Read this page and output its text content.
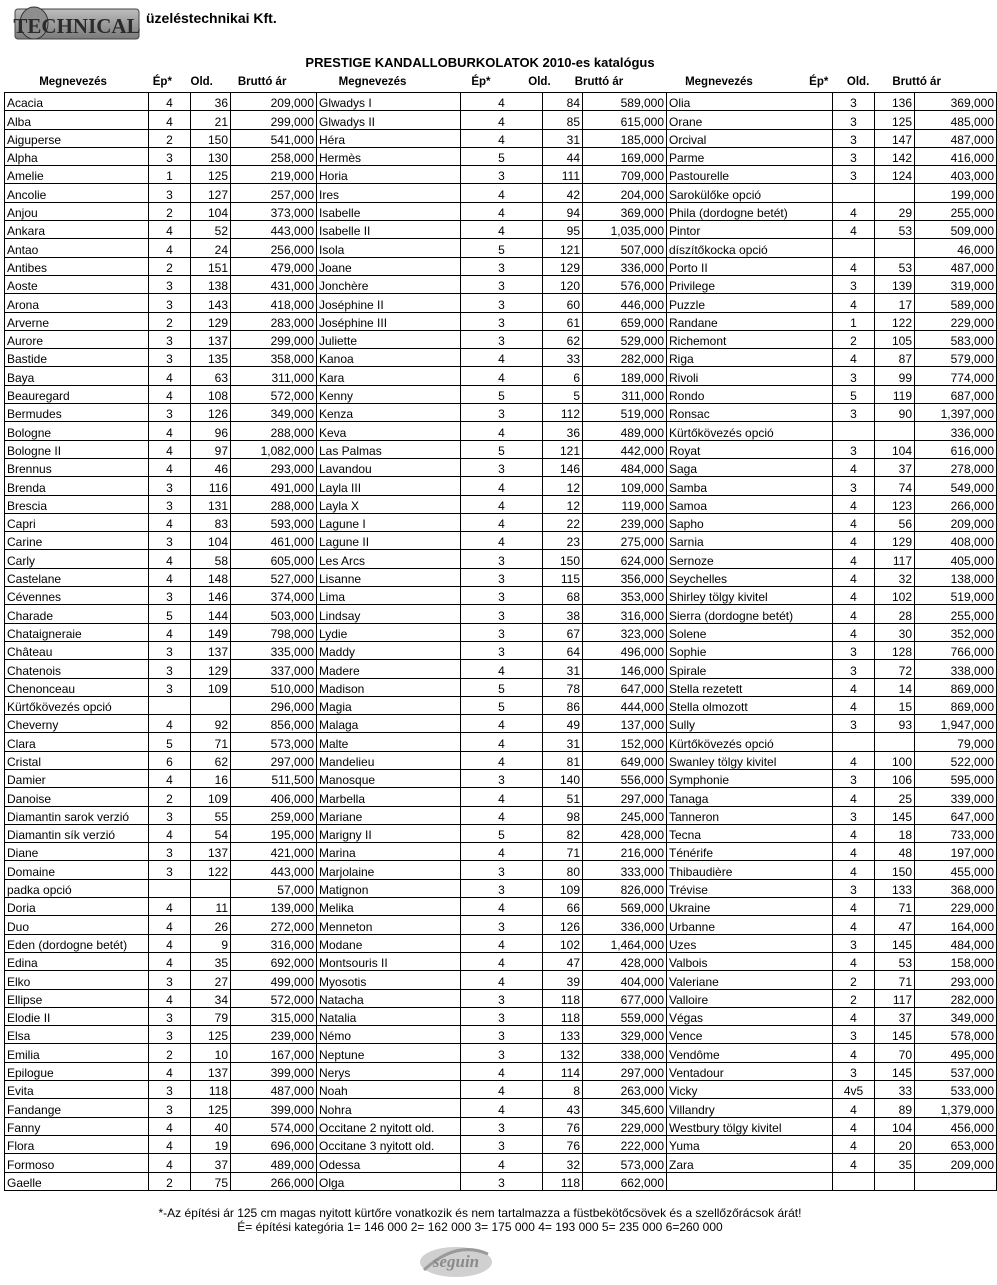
TECHNICAL üzeléstechnikai Kft.
PRESTIGE KANDALLOBURKOLATOK 2010-es katalógus
Megnevezés	Ép*	Old.	Bruttó ár	Megnevezés	Ép*	Old.	Bruttó ár	Megnevezés	Ép*	Old.	Bruttó ár
Acacia	4	36	209,000	Glwadys I	4	84	589,000	Olia	3	136	369,000
Alba	4	21	299,000	Glwadys II	4	85	615,000	Orane	3	125	485,000
Aiguperse	2	150	541,000	Héra	4	31	185,000	Orcival	3	147	487,000
Alpha	3	130	258,000	Hermès	5	44	169,000	Parme	3	142	416,000
Amelie	1	125	219,000	Horia	3	111	709,000	Pastourelle	3	124	403,000
Ancolie	3	127	257,000	Ires	4	42	204,000	Sarokülőke opció			199,000
Anjou	2	104	373,000	Isabelle	4	94	369,000	Phila (dordogne betét)	4	29	255,000
Ankara	4	52	443,000	Isabelle II	4	95	1,035,000	Pintor	4	53	509,000
Antao	4	24	256,000	Isola	5	121	507,000	díszítőkocka opció			46,000
Antibes	2	151	479,000	Joane	3	129	336,000	Porto II	4	53	487,000
Aoste	3	138	431,000	Jonchère	3	120	576,000	Privilege	3	139	319,000
Arona	3	143	418,000	Joséphine II	3	60	446,000	Puzzle	4	17	589,000
Arverne	2	129	283,000	Joséphine III	3	61	659,000	Randane	1	122	229,000
Aurore	3	137	299,000	Juliette	3	62	529,000	Richemont	2	105	583,000
Bastide	3	135	358,000	Kanoa	4	33	282,000	Riga	4	87	579,000
Baya	4	63	311,000	Kara	4	6	189,000	Rivoli	3	99	774,000
Beauregard	4	108	572,000	Kenny	5	5	311,000	Rondo	5	119	687,000
Bermudes	3	126	349,000	Kenza	3	112	519,000	Ronsac	3	90	1,397,000
Bologne	4	96	288,000	Keva	4	36	489,000	Kürtőkövezés opció			336,000
Bologne II	4	97	1,082,000	Las Palmas	5	121	442,000	Royat	3	104	616,000
Brennus	4	46	293,000	Lavandou	3	146	484,000	Saga	4	37	278,000
Brenda	3	116	491,000	Layla III	4	12	109,000	Samba	3	74	549,000
Brescia	3	131	288,000	Layla X	4	12	119,000	Samoa	4	123	266,000
Capri	4	83	593,000	Lagune I	4	22	239,000	Sapho	4	56	209,000
Carine	3	104	461,000	Lagune II	4	23	275,000	Sarnia	4	129	408,000
Carly	4	58	605,000	Les Arcs	3	150	624,000	Sernoze	4	117	405,000
Castelane	4	148	527,000	Lisanne	3	115	356,000	Seychelles	4	32	138,000
Cévennes	3	146	374,000	Lima	3	68	353,000	Shirley tölgy kivitel	4	102	519,000
Charade	5	144	503,000	Lindsay	3	38	316,000	Sierra (dordogne betét)	4	28	255,000
Chataigneraie	4	149	798,000	Lydie	3	67	323,000	Solene	4	30	352,000
Château	3	137	335,000	Maddy	3	64	496,000	Sophie	3	128	766,000
Chatenois	3	129	337,000	Madere	4	31	146,000	Spirale	3	72	338,000
Chenonceau	3	109	510,000	Madison	5	78	647,000	Stella rezetett	4	14	869,000
Kürtőkövezés opció			296,000	Magia	5	86	444,000	Stella olmozott	4	15	869,000
Cheverny	4	92	856,000	Malaga	4	49	137,000	Sully	3	93	1,947,000
Clara	5	71	573,000	Malte	4	31	152,000	Kürtőkövezés opció			79,000
Cristal	6	62	297,000	Mandelieu	4	81	649,000	Swanley tölgy kivitel	4	100	522,000
Damier	4	16	511,500	Manosque	3	140	556,000	Symphonie	3	106	595,000
Danoise	2	109	406,000	Marbella	4	51	297,000	Tanaga	4	25	339,000
Diamantin sarok verzió	3	55	259,000	Mariane	4	98	245,000	Tanneron	3	145	647,000
Diamantin sík verzió	4	54	195,000	Marigny II	5	82	428,000	Tecna	4	18	733,000
Diane	3	137	421,000	Marina	4	71	216,000	Ténérife	4	48	197,000
Domaine	3	122	443,000	Marjolaine	3	80	333,000	Thibaudière	4	150	455,000
padka opció			57,000	Matignon	3	109	826,000	Trévise	3	133	368,000
Doria	4	11	139,000	Melika	4	66	569,000	Ukraine	4	71	229,000
Duo	4	26	272,000	Menneton	3	126	336,000	Urbanne	4	47	164,000
Eden (dordogne betét)	4	9	316,000	Modane	4	102	1,464,000	Uzes	3	145	484,000
Edina	4	35	692,000	Montsouris II	4	47	428,000	Valbois	4	53	158,000
Elko	3	27	499,000	Myosotis	4	39	404,000	Valeriane	2	71	293,000
Ellipse	4	34	572,000	Natacha	3	118	677,000	Valloire	2	117	282,000
Elodie II	3	79	315,000	Natalia	3	118	559,000	Végas	4	37	349,000
Elsa	3	125	239,000	Némo	3	133	329,000	Vence	3	145	578,000
Emilia	2	10	167,000	Neptune	3	132	338,000	Vendôme	4	70	495,000
Epilogue	4	137	399,000	Nerys	4	114	297,000	Ventadour	3	145	537,000
Evita	3	118	487,000	Noah	4	8	263,000	Vicky	4v5	33	533,000
Fandange	3	125	399,000	Nohra	4	43	345,600	Villandry	4	89	1,379,000
Fanny	4	40	574,000	Occitane 2 nyitott old.	3	76	229,000	Westbury tölgy kivitel	4	104	456,000
Flora	4	19	696,000	Occitane 3 nyitott old.	3	76	222,000	Yuma	4	20	653,000
Formoso	4	37	489,000	Odessa	4	32	573,000	Zara	4	35	209,000
Gaelle	2	75	266,000	Olga	3	118	662,000				
*-Az építési ár 125 cm magas nyitott kürtőre vonatkozik és nem tartalmazza a füstbekötőcsövek és a szellőzőrácsok árát!
É= építési kategória 1= 146 000 2= 162 000 3= 175 000 4= 193 000 5= 235 000 6=260 000
seguin
